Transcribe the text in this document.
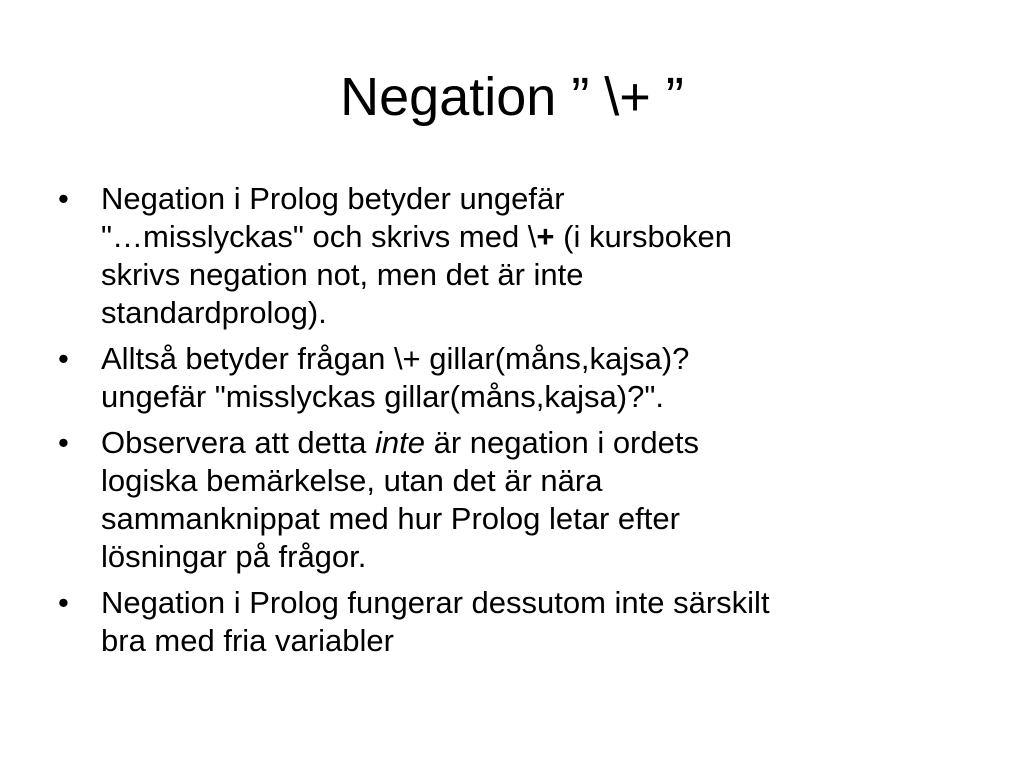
Negation ” \+ ”
•	Negation i Prolog betyder ungefär
"…misslyckas" och skrivs med \+ (i kursboken
skrivs negation not, men det är inte
standardprolog).
•	Alltså betyder frågan \+ gillar(måns,kajsa)?
ungefär "misslyckas gillar(måns,kajsa)?".
•	Observera att detta inte är negation i ordets
logiska bemärkelse, utan det är nära
sammanknippat med hur Prolog letar efter
lösningar på frågor.
•	Negation i Prolog fungerar dessutom inte särskilt
bra med fria variabler
